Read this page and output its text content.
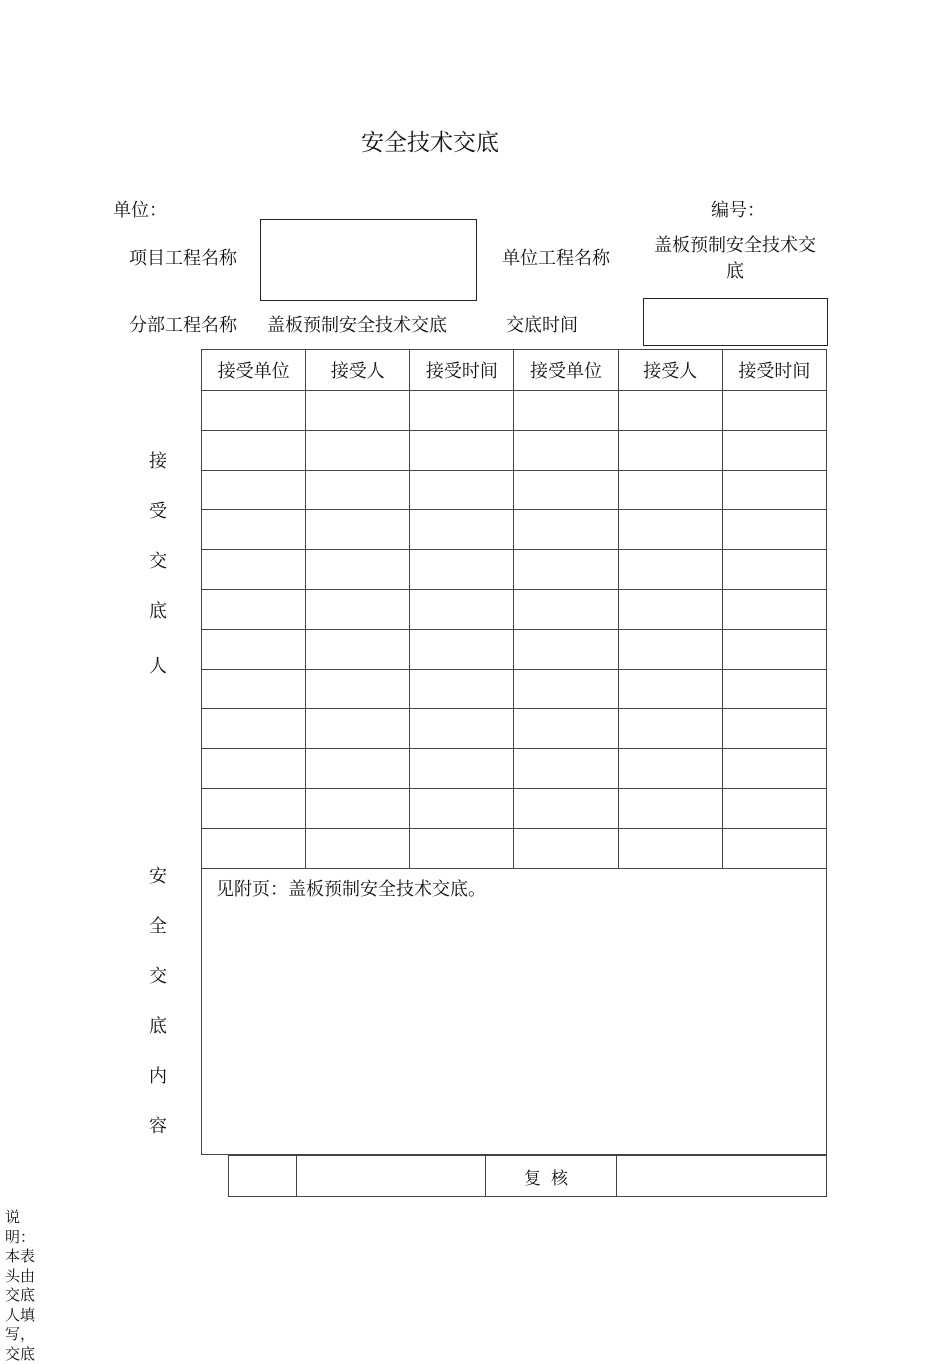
安全技术交底
单位：	编号：
项目工程名称	单位工程名称
盖板预制安全技术交底
分部工程名称 盖板预制安全技术交底	交底时间
接
受
交
底
人
接受单位	接受人	接受时间	接受单位	接受人	接受时间

安
全
交
底
内
容
见附页：盖板预制安全技术交底。
		复核	
说明：本表头由交底人填写，交底
